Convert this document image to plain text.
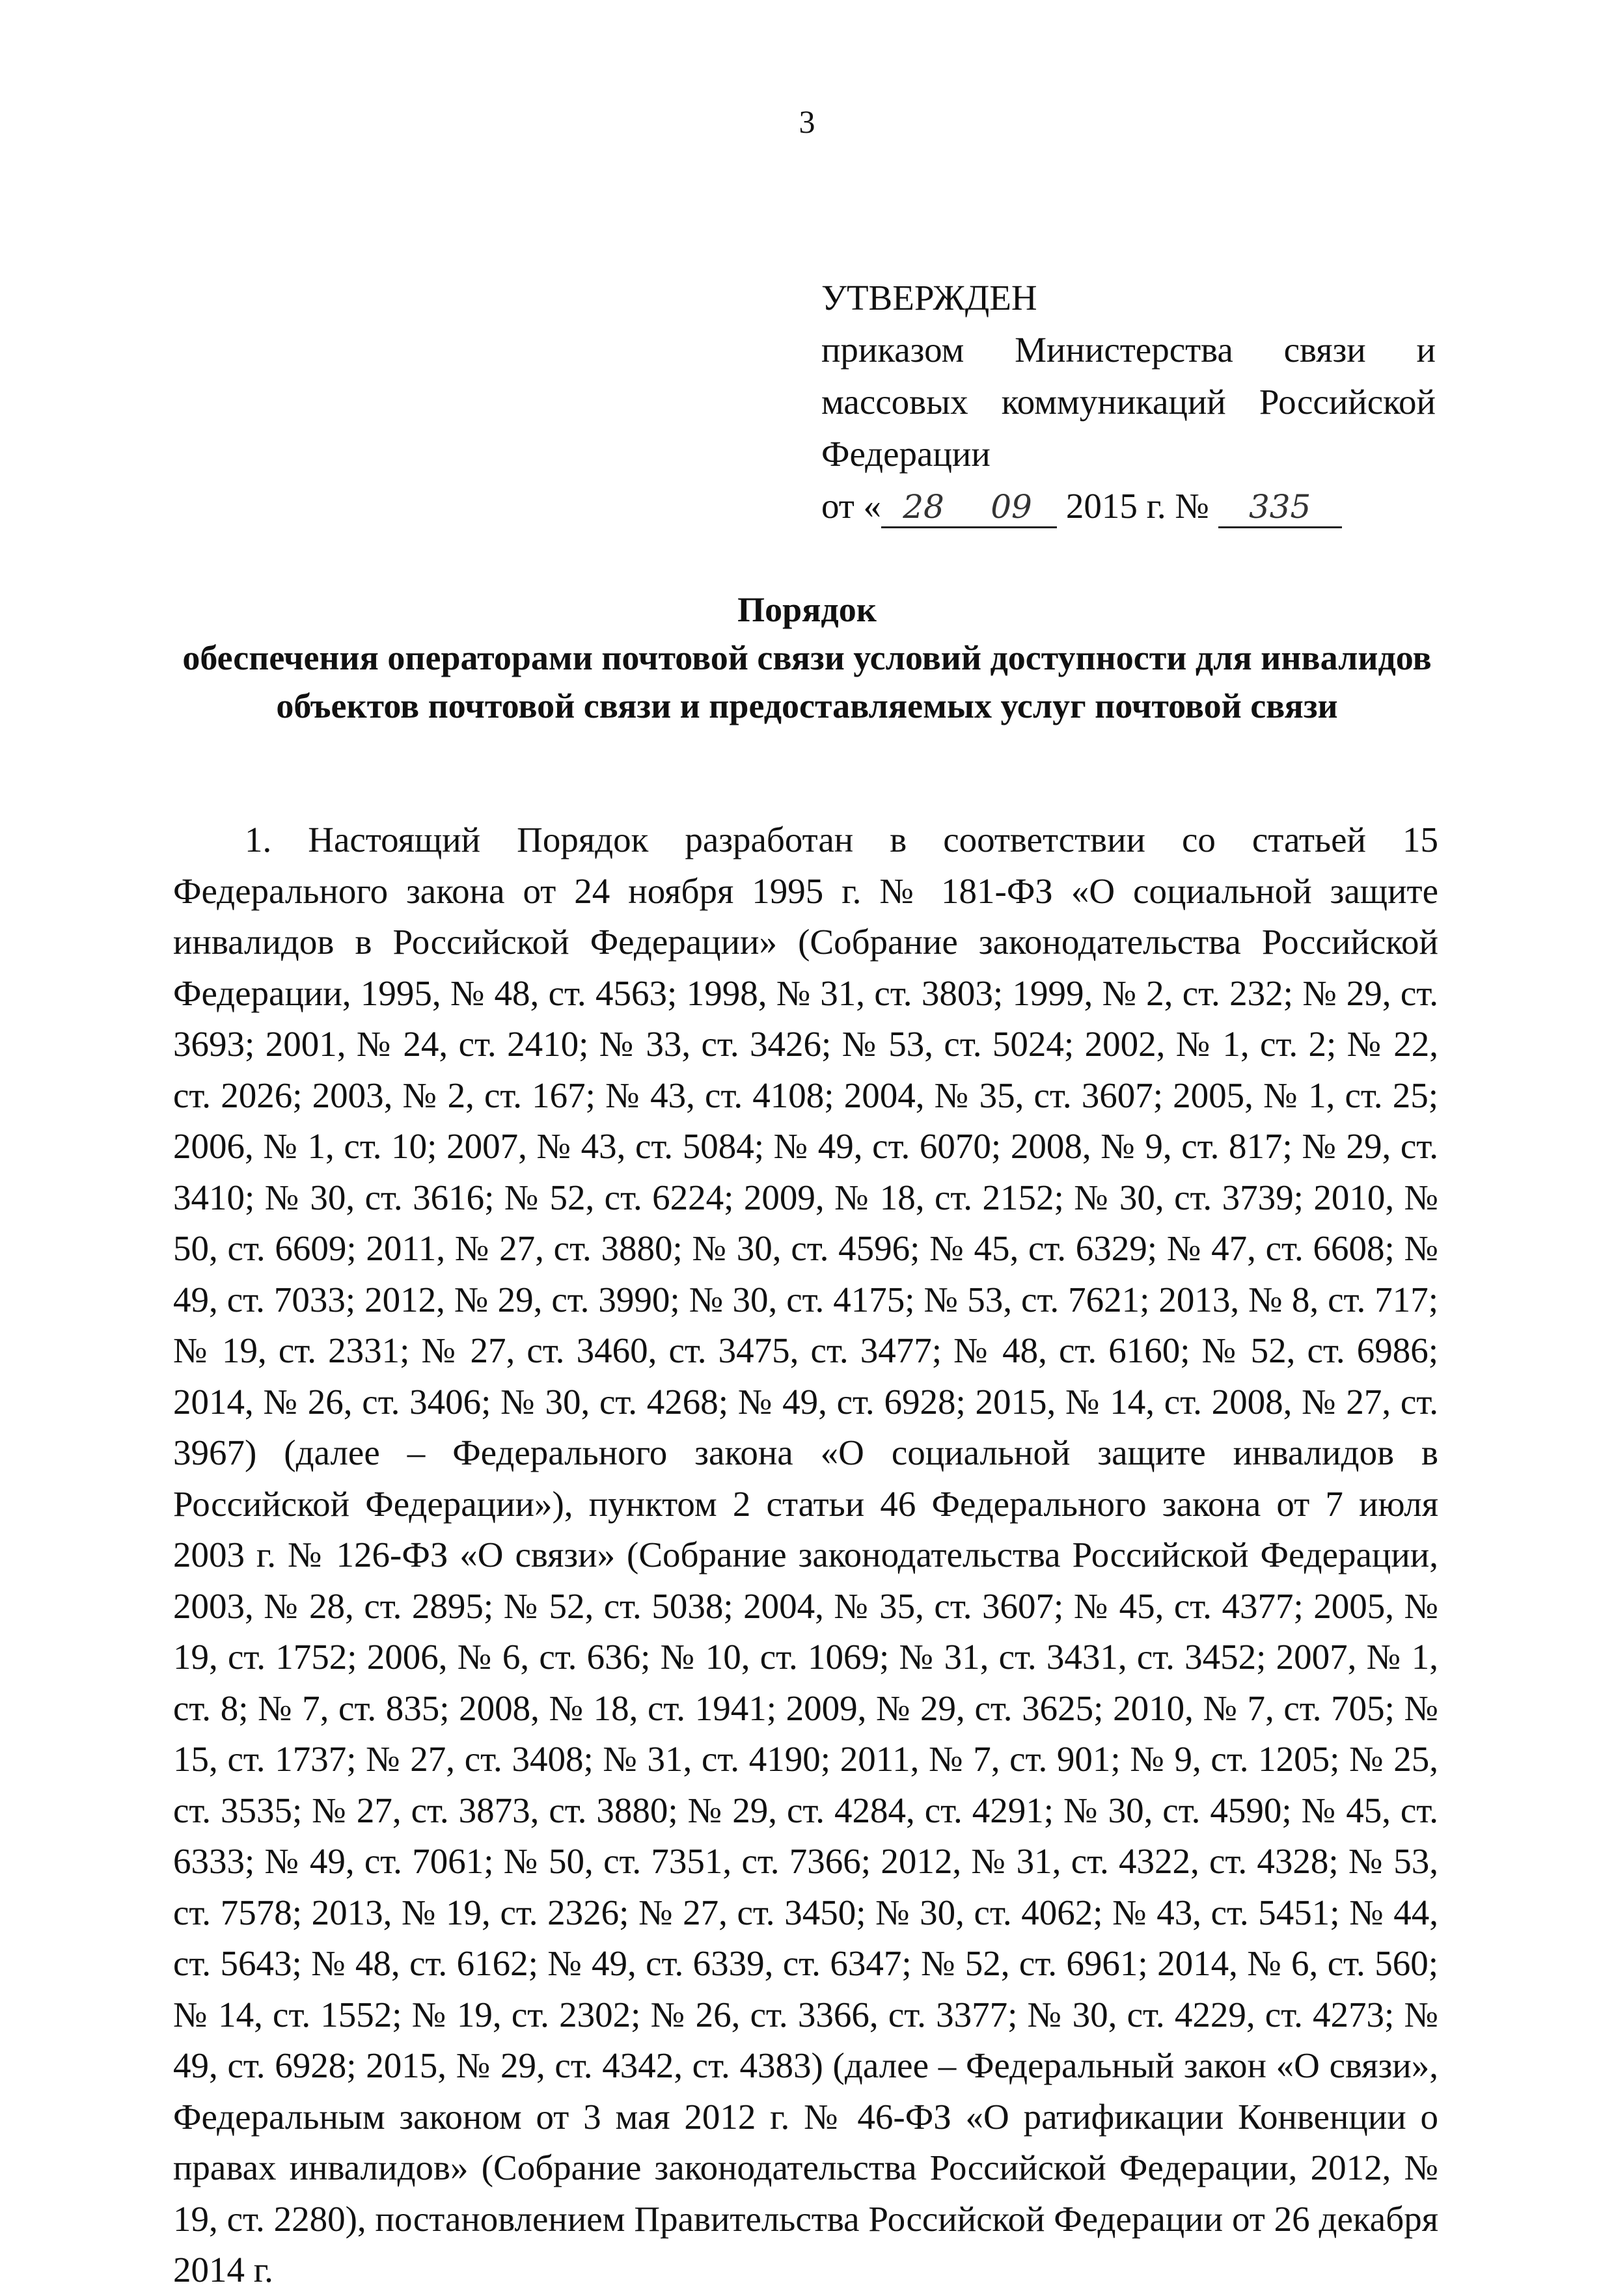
3
УТВЕРЖДЕН
приказом Министерства связи и массовых коммуникаций Российской Федерации
от « 28 09 2015 г. № 335
Порядок
обеспечения операторами почтовой связи условий доступности для инвалидов объектов почтовой связи и предоставляемых услуг почтовой связи
1. Настоящий Порядок разработан в соответствии со статьей 15 Федерального закона от 24 ноября 1995 г. № 181-ФЗ «О социальной защите инвалидов в Российской Федерации» (Собрание законодательства Российской Федерации, 1995, № 48, ст. 4563; 1998, № 31, ст. 3803; 1999, № 2, ст. 232; № 29, ст. 3693; 2001, № 24, ст. 2410; № 33, ст. 3426; № 53, ст. 5024; 2002, № 1, ст. 2; № 22, ст. 2026; 2003, № 2, ст. 167; № 43, ст. 4108; 2004, № 35, ст. 3607; 2005, № 1, ст. 25; 2006, № 1, ст. 10; 2007, № 43, ст. 5084; № 49, ст. 6070; 2008, № 9, ст. 817; № 29, ст. 3410; № 30, ст. 3616; № 52, ст. 6224; 2009, № 18, ст. 2152; № 30, ст. 3739; 2010, № 50, ст. 6609; 2011, № 27, ст. 3880; № 30, ст. 4596; № 45, ст. 6329; № 47, ст. 6608; № 49, ст. 7033; 2012, № 29, ст. 3990; № 30, ст. 4175; № 53, ст. 7621; 2013, № 8, ст. 717; № 19, ст. 2331; № 27, ст. 3460, ст. 3475, ст. 3477; № 48, ст. 6160; № 52, ст. 6986; 2014, № 26, ст. 3406; № 30, ст. 4268; № 49, ст. 6928; 2015, № 14, ст. 2008, № 27, ст. 3967) (далее – Федерального закона «О социальной защите инвалидов в Российской Федерации»), пунктом 2 статьи 46 Федерального закона от 7 июля 2003 г. № 126-ФЗ «О связи» (Собрание законодательства Российской Федерации, 2003, № 28, ст. 2895; № 52, ст. 5038; 2004, № 35, ст. 3607; № 45, ст. 4377; 2005, № 19, ст. 1752; 2006, № 6, ст. 636; № 10, ст. 1069; № 31, ст. 3431, ст. 3452; 2007, № 1, ст. 8; № 7, ст. 835; 2008, № 18, ст. 1941; 2009, № 29, ст. 3625; 2010, № 7, ст. 705; № 15, ст. 1737; № 27, ст. 3408; № 31, ст. 4190; 2011, № 7, ст. 901; № 9, ст. 1205; № 25, ст. 3535; № 27, ст. 3873, ст. 3880; № 29, ст. 4284, ст. 4291; № 30, ст. 4590; № 45, ст. 6333; № 49, ст. 7061; № 50, ст. 7351, ст. 7366; 2012, № 31, ст. 4322, ст. 4328; № 53, ст. 7578; 2013, № 19, ст. 2326; № 27, ст. 3450; № 30, ст. 4062; № 43, ст. 5451; № 44, ст. 5643; № 48, ст. 6162; № 49, ст. 6339, ст. 6347; № 52, ст. 6961; 2014, № 6, ст. 560; № 14, ст. 1552; № 19, ст. 2302; № 26, ст. 3366, ст. 3377; № 30, ст. 4229, ст. 4273; № 49, ст. 6928; 2015, № 29, ст. 4342, ст. 4383) (далее – Федеральный закон «О связи», Федеральным законом от 3 мая 2012 г. № 46-ФЗ «О ратификации Конвенции о правах инвалидов» (Собрание законодательства Российской Федерации, 2012, № 19, ст. 2280), постановлением Правительства Российской Федерации от 26 декабря 2014 г.
